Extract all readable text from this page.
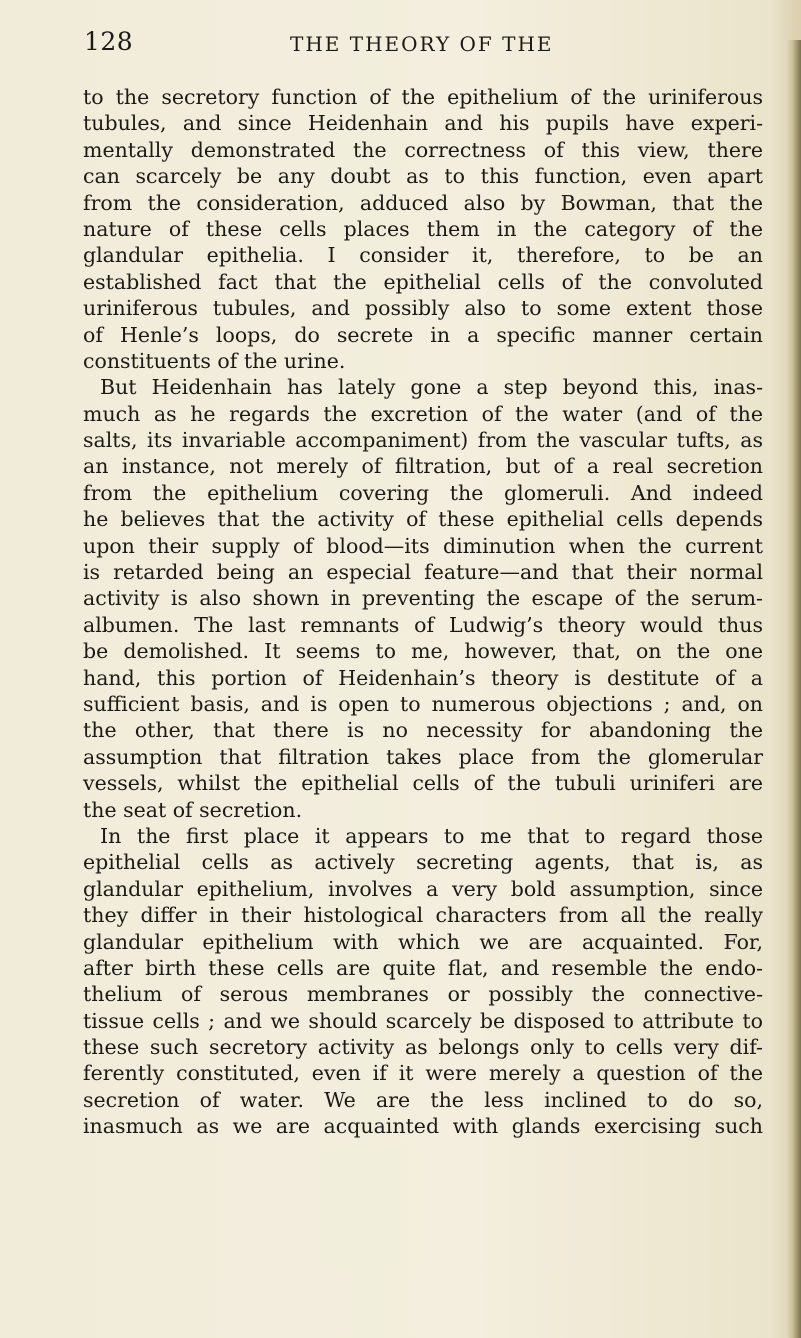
128	THE THEORY OF THE
to the secretory function of the epithelium of the uriniferous
tubules, and since Heidenhain and his pupils have experi-
mentally demonstrated the correctness of this view, there
can scarcely be any doubt as to this function, even apart
from the consideration, adduced also by Bowman, that the
nature of these cells places them in the category of the
glandular epithelia. I consider it, therefore, to be an
established fact that the epithelial cells of the convoluted
uriniferous tubules, and possibly also to some extent those
of Henle’s loops, do secrete in a specific manner certain
constituents of the urine.
But Heidenhain has lately gone a step beyond this, inas-
much as he regards the excretion of the water (and of the
salts, its invariable accompaniment) from the vascular tufts, as
an instance, not merely of filtration, but of a real secretion
from the epithelium covering the glomeruli. And indeed
he believes that the activity of these epithelial cells depends
upon their supply of blood—its diminution when the current
is retarded being an especial feature—and that their normal
activity is also shown in preventing the escape of the serum-
albumen. The last remnants of Ludwig’s theory would thus
be demolished. It seems to me, however, that, on the one
hand, this portion of Heidenhain’s theory is destitute of a
sufficient basis, and is open to numerous objections ; and, on
the other, that there is no necessity for abandoning the
assumption that filtration takes place from the glomerular
vessels, whilst the epithelial cells of the tubuli uriniferi are
the seat of secretion.
In the first place it appears to me that to regard those
epithelial cells as actively secreting agents, that is, as
glandular epithelium, involves a very bold assumption, since
they differ in their histological characters from all the really
glandular epithelium with which we are acquainted. For,
after birth these cells are quite flat, and resemble the endo-
thelium of serous membranes or possibly the connective-
tissue cells ; and we should scarcely be disposed to attribute to
these such secretory activity as belongs only to cells very dif-
ferently constituted, even if it were merely a question of the
secretion of water. We are the less inclined to do so,
inasmuch as we are acquainted with glands exercising such
